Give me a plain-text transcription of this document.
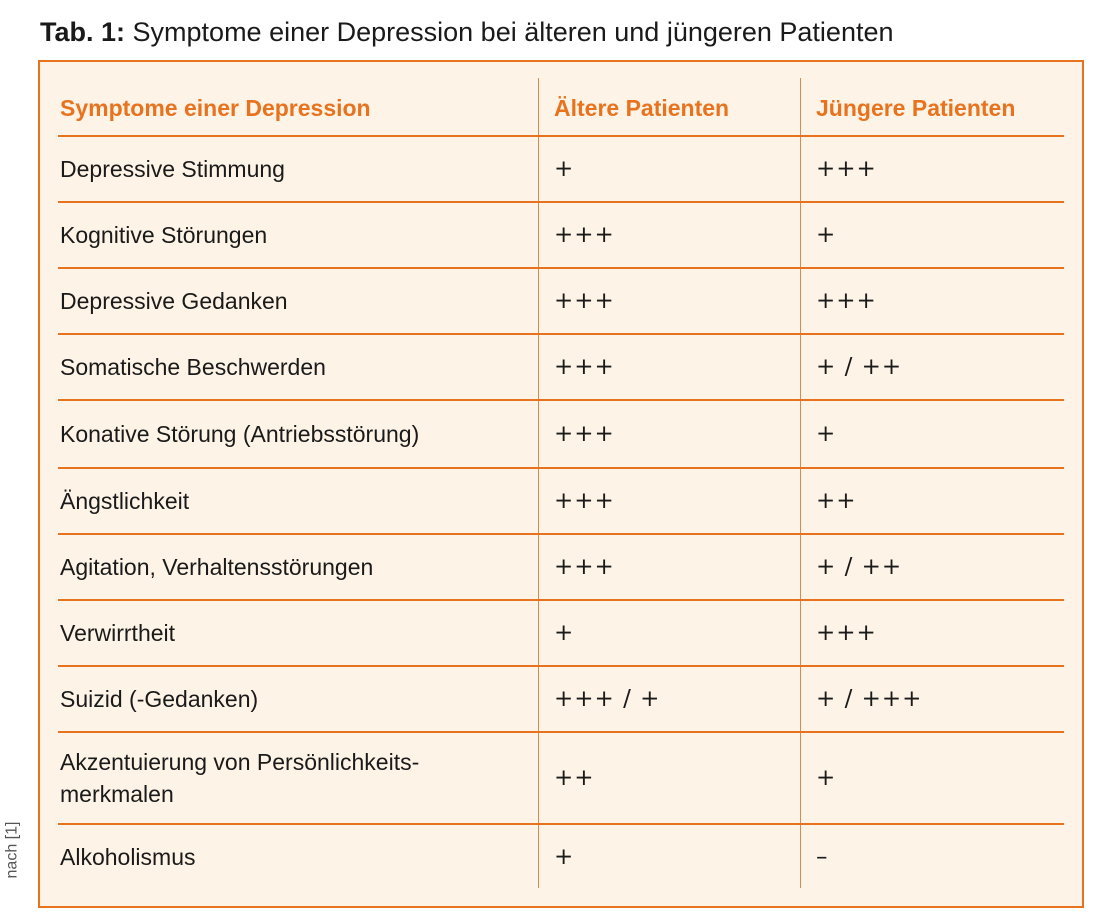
Tab. 1: Symptome einer Depression bei älteren und jüngeren Patienten
Symptome einer Depression	Ältere Patienten	Jüngere Patienten
Depressive Stimmung	+	+++
Kognitive Störungen	+++	+
Depressive Gedanken	+++	+++
Somatische Beschwerden	+++	+ / ++
Konative Störung (Antriebsstörung)	+++	+
Ängstlichkeit	+++	++
Agitation, Verhaltensstörungen	+++	+ / ++
Verwirrtheit	+	+++
Suizid (-Gedanken)	+++ / +	+ / +++
Akzentuierung von Persönlichkeits-
merkmalen
++	+
Alkoholismus	+	–
nach [1]
